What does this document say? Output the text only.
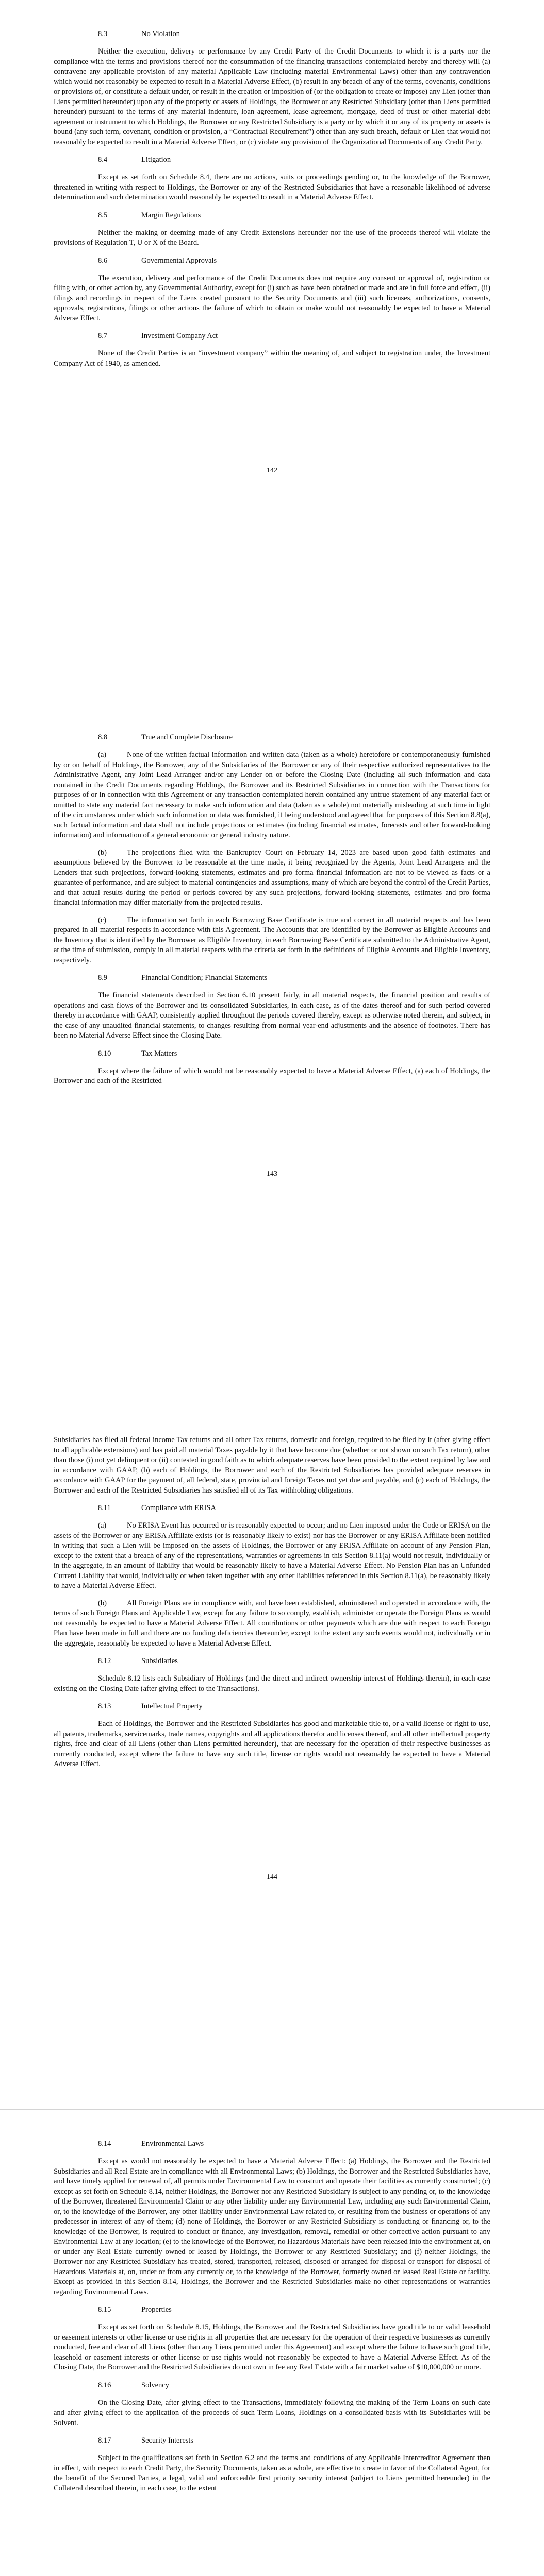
8.3	No Violation

Neither the execution, delivery or performance by any Credit Party of the Credit Documents to which it is a party nor the compliance with the terms and provisions thereof nor the consummation of the financing transactions contemplated hereby and thereby will (a) contravene any applicable provision of any material Applicable Law (including material Environmental Laws) other than any contravention which would not reasonably be expected to result in a Material Adverse Effect, (b) result in any breach of any of the terms, covenants, conditions or provisions of, or constitute a default under, or result in the creation or imposition of (or the obligation to create or impose) any Lien (other than Liens permitted hereunder) upon any of the property or assets of Holdings, the Borrower or any Restricted Subsidiary (other than Liens permitted hereunder) pursuant to the terms of any material indenture, loan agreement, lease agreement, mortgage, deed of trust or other material debt agreement or instrument to which Holdings, the Borrower or any Restricted Subsidiary is a party or by which it or any of its property or assets is bound (any such term, covenant, condition or provision, a “Contractual Requirement”) other than any such breach, default or Lien that would not reasonably be expected to result in a Material Adverse Effect, or (c) violate any provision of the Organizational Documents of any Credit Party.

8.4	Litigation

Except as set forth on Schedule 8.4, there are no actions, suits or proceedings pending or, to the knowledge of the Borrower, threatened in writing with respect to Holdings, the Borrower or any of the Restricted Subsidiaries that have a reasonable likelihood of adverse determination and such determination would reasonably be expected to result in a Material Adverse Effect.

8.5	Margin Regulations

Neither the making or deeming made of any Credit Extensions hereunder nor the use of the proceeds thereof will violate the provisions of Regulation T, U or X of the Board.

8.6	Governmental Approvals

The execution, delivery and performance of the Credit Documents does not require any consent or approval of, registration or filing with, or other action by, any Governmental Authority, except for (i) such as have been obtained or made and are in full force and effect, (ii) filings and recordings in respect of the Liens created pursuant to the Security Documents and (iii) such licenses, authorizations, consents, approvals, registrations, filings or other actions the failure of which to obtain or make would not reasonably be expected to have a Material Adverse Effect.

8.7	Investment Company Act

None of the Credit Parties is an “investment company” within the meaning of, and subject to registration under, the Investment Company Act of 1940, as amended.

142
8.8	True and Complete Disclosure

(a)	None of the written factual information and written data (taken as a whole) heretofore or contemporaneously furnished by or on behalf of Holdings, the Borrower, any of the Subsidiaries of the Borrower or any of their respective authorized representatives to the Administrative Agent, any Joint Lead Arranger and/or any Lender on or before the Closing Date (including all such information and data contained in the Credit Documents regarding Holdings, the Borrower and its Restricted Subsidiaries in connection with the Transactions for purposes of or in connection with this Agreement or any transaction contemplated herein contained any untrue statement of any material fact or omitted to state any material fact necessary to make such information and data (taken as a whole) not materially misleading at such time in light of the circumstances under which such information or data was furnished, it being understood and agreed that for purposes of this Section 8.8(a), such factual information and data shall not include projections or estimates (including financial estimates, forecasts and other forward-looking information) and information of a general economic or general industry nature.

(b)	The projections filed with the Bankruptcy Court on February 14, 2023 are based upon good faith estimates and assumptions believed by the Borrower to be reasonable at the time made, it being recognized by the Agents, Joint Lead Arrangers and the Lenders that such projections, forward-looking statements, estimates and pro forma financial information are not to be viewed as facts or a guarantee of performance, and are subject to material contingencies and assumptions, many of which are beyond the control of the Credit Parties, and that actual results during the period or periods covered by any such projections, forward-looking statements, estimates and pro forma financial information may differ materially from the projected results.

(c)	The information set forth in each Borrowing Base Certificate is true and correct in all material respects and has been prepared in all material respects in accordance with this Agreement. The Accounts that are identified by the Borrower as Eligible Accounts and the Inventory that is identified by the Borrower as Eligible Inventory, in each Borrowing Base Certificate submitted to the Administrative Agent, at the time of submission, comply in all material respects with the criteria set forth in the definitions of Eligible Accounts and Eligible Inventory, respectively.

8.9	Financial Condition; Financial Statements

The financial statements described in Section 6.10 present fairly, in all material respects, the financial position and results of operations and cash flows of the Borrower and its consolidated Subsidiaries, in each case, as of the dates thereof and for such period covered thereby in accordance with GAAP, consistently applied throughout the periods covered thereby, except as otherwise noted therein, and subject, in the case of any unaudited financial statements, to changes resulting from normal year-end adjustments and the absence of footnotes. There has been no Material Adverse Effect since the Closing Date.

8.10	Tax Matters

Except where the failure of which would not be reasonably expected to have a Material Adverse Effect, (a) each of Holdings, the Borrower and each of the Restricted

143

Subsidiaries has filed all federal income Tax returns and all other Tax returns, domestic and foreign, required to be filed by it (after giving effect to all applicable extensions) and has paid all material Taxes payable by it that have become due (whether or not shown on such Tax return), other than those (i) not yet delinquent or (ii) contested in good faith as to which adequate reserves have been provided to the extent required by law and in accordance with GAAP, (b) each of Holdings, the Borrower and each of the Restricted Subsidiaries has provided adequate reserves in accordance with GAAP for the payment of, all federal, state, provincial and foreign Taxes not yet due and payable, and (c) each of Holdings, the Borrower and each of the Restricted Subsidiaries has satisfied all of its Tax withholding obligations.

8.11	Compliance with ERISA

(a)	No ERISA Event has occurred or is reasonably expected to occur; and no Lien imposed under the Code or ERISA on the assets of the Borrower or any ERISA Affiliate exists (or is reasonably likely to exist) nor has the Borrower or any ERISA Affiliate been notified in writing that such a Lien will be imposed on the assets of Holdings, the Borrower or any ERISA Affiliate on account of any Pension Plan, except to the extent that a breach of any of the representations, warranties or agreements in this Section 8.11(a) would not result, individually or in the aggregate, in an amount of liability that would be reasonably likely to have a Material Adverse Effect. No Pension Plan has an Unfunded Current Liability that would, individually or when taken together with any other liabilities referenced in this Section 8.11(a), be reasonably likely to have a Material Adverse Effect.

(b)	All Foreign Plans are in compliance with, and have been established, administered and operated in accordance with, the terms of such Foreign Plans and Applicable Law, except for any failure to so comply, establish, administer or operate the Foreign Plans as would not reasonably be expected to have a Material Adverse Effect. All contributions or other payments which are due with respect to each Foreign Plan have been made in full and there are no funding deficiencies thereunder, except to the extent any such events would not, individually or in the aggregate, reasonably be expected to have a Material Adverse Effect.

8.12	Subsidiaries

Schedule 8.12 lists each Subsidiary of Holdings (and the direct and indirect ownership interest of Holdings therein), in each case existing on the Closing Date (after giving effect to the Transactions).

8.13	Intellectual Property

Each of Holdings, the Borrower and the Restricted Subsidiaries has good and marketable title to, or a valid license or right to use, all patents, trademarks, servicemarks, trade names, copyrights and all applications therefor and licenses thereof, and all other intellectual property rights, free and clear of all Liens (other than Liens permitted hereunder), that are necessary for the operation of their respective businesses as currently conducted, except where the failure to have any such title, license or rights would not reasonably be expected to have a Material Adverse Effect.

144
8.14	Environmental Laws

Except as would not reasonably be expected to have a Material Adverse Effect: (a) Holdings, the Borrower and the Restricted Subsidiaries and all Real Estate are in compliance with all Environmental Laws; (b) Holdings, the Borrower and the Restricted Subsidiaries have, and have timely applied for renewal of, all permits under Environmental Law to construct and operate their facilities as currently constructed; (c) except as set forth on Schedule 8.14, neither Holdings, the Borrower nor any Restricted Subsidiary is subject to any pending or, to the knowledge of the Borrower, threatened Environmental Claim or any other liability under any Environmental Law, including any such Environmental Claim, or, to the knowledge of the Borrower, any other liability under Environmental Law related to, or resulting from the business or operations of any predecessor in interest of any of them; (d) none of Holdings, the Borrower or any Restricted Subsidiary is conducting or financing or, to the knowledge of the Borrower, is required to conduct or finance, any investigation, removal, remedial or other corrective action pursuant to any Environmental Law at any location; (e) to the knowledge of the Borrower, no Hazardous Materials have been released into the environment at, on or under any Real Estate currently owned or leased by Holdings, the Borrower or any Restricted Subsidiary; and (f) neither Holdings, the Borrower nor any Restricted Subsidiary has treated, stored, transported, released, disposed or arranged for disposal or transport for disposal of Hazardous Materials at, on, under or from any currently or, to the knowledge of the Borrower, formerly owned or leased Real Estate or facility. Except as provided in this Section 8.14, Holdings, the Borrower and the Restricted Subsidiaries make no other representations or warranties regarding Environmental Laws.

8.15	Properties

Except as set forth on Schedule 8.15, Holdings, the Borrower and the Restricted Subsidiaries have good title to or valid leasehold or easement interests or other license or use rights in all properties that are necessary for the operation of their respective businesses as currently conducted, free and clear of all Liens (other than any Liens permitted under this Agreement) and except where the failure to have such good title, leasehold or easement interests or other license or use rights would not reasonably be expected to have a Material Adverse Effect. As of the Closing Date, the Borrower and the Restricted Subsidiaries do not own in fee any Real Estate with a fair market value of $10,000,000 or more.

8.16	Solvency

On the Closing Date, after giving effect to the Transactions, immediately following the making of the Term Loans on such date and after giving effect to the application of the proceeds of such Term Loans, Holdings on a consolidated basis with its Subsidiaries will be Solvent.

8.17	Security Interests

Subject to the qualifications set forth in Section 6.2 and the terms and conditions of any Applicable Intercreditor Agreement then in effect, with respect to each Credit Party, the Security Documents, taken as a whole, are effective to create in favor of the Collateral Agent, for the benefit of the Secured Parties, a legal, valid and enforceable first priority security interest (subject to Liens permitted hereunder) in the Collateral described therein, in each case, to the extent
